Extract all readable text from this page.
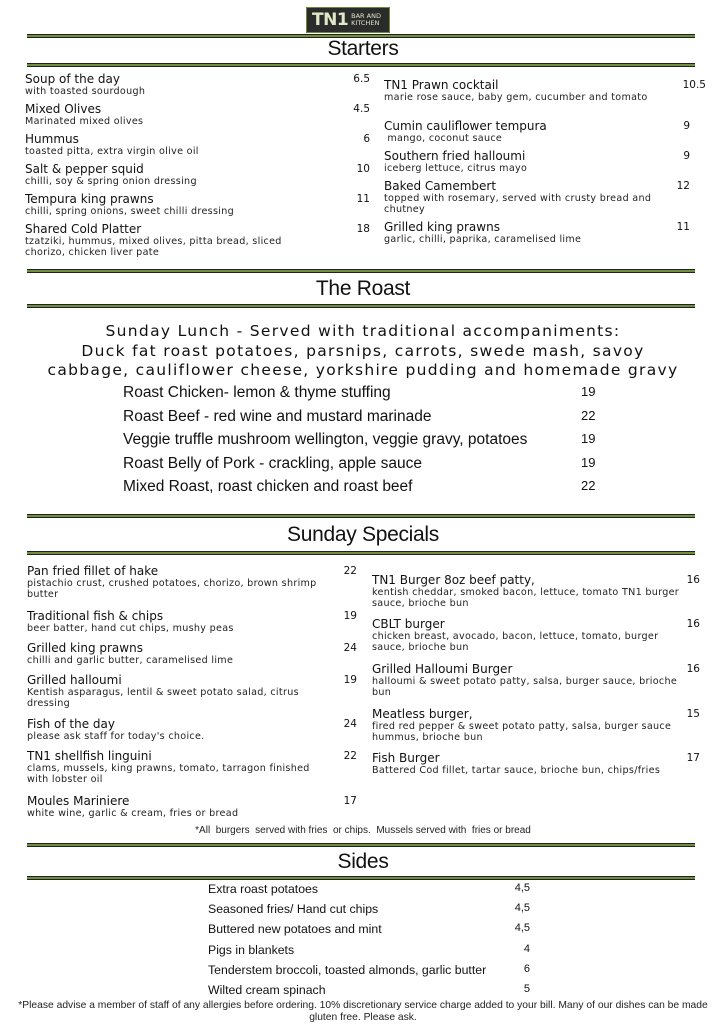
TN1 BAR AND
KITCHEN
Starters
Soup of the day
with toasted sourdough
6.5
Mixed Olives
Marinated mixed olives
4.5
Hummus
toasted pitta, extra virgin olive oil
6
Salt & pepper squid
chilli, soy & spring onion dressing
10
Tempura king prawns
chilli, spring onions, sweet chilli dressing
11
Shared Cold Platter
tzatziki, hummus, mixed olives, pitta bread, sliced chorizo, chicken liver pate
18
TN1 Prawn cocktail
marie rose sauce, baby gem, cucumber and tomato
10.5
Cumin cauliflower tempura
mango, coconut sauce
9
Southern fried halloumi
iceberg lettuce, citrus mayo
9
Baked Camembert
topped with rosemary, served with crusty bread and chutney
12
Grilled king prawns
garlic, chilli, paprika, caramelised lime
11
The Roast
Sunday Lunch - Served with traditional accompaniments:
Duck fat roast potatoes, parsnips, carrots, swede mash, savoy
cabbage, cauliflower cheese, yorkshire pudding and homemade gravy
Roast Chicken- lemon & thyme stuffing	19
Roast Beef - red wine and mustard marinade	22
Veggie truffle mushroom wellington, veggie gravy, potatoes	19
Roast Belly of Pork - crackling, apple sauce	19
Mixed Roast, roast chicken and roast beef	22
Sunday Specials
Pan fried fillet of hake
pistachio crust, crushed potatoes, chorizo, brown shrimp butter
22
Traditional fish & chips
beer batter, hand cut chips, mushy peas
19
Grilled king prawns
chilli and garlic butter, caramelised lime
24
Grilled halloumi
Kentish asparagus, lentil & sweet potato salad, citrus dressing
19
Fish of the day
please ask staff for today's choice.
24
TN1 shellfish linguini
clams, mussels, king prawns, tomato, tarragon finished with lobster oil
22
Moules Mariniere
white wine, garlic & cream, fries or bread
17
TN1 Burger 8oz beef patty,
kentish cheddar, smoked bacon, lettuce, tomato TN1 burger sauce, brioche bun
16
CBLT burger
chicken breast, avocado, bacon, lettuce, tomato, burger sauce, brioche bun
16
Grilled Halloumi Burger
halloumi & sweet potato patty, salsa, burger sauce, brioche bun
16
Meatless burger,
fired red pepper & sweet potato patty, salsa, burger sauce hummus, brioche bun
15
Fish Burger
Battered Cod fillet, tartar sauce, brioche bun, chips/fries
17
*All  burgers  served with fries  or chips.  Mussels served with  fries or bread
Sides
Extra roast potatoes	4,5
Seasoned fries/ Hand cut chips	4,5
Buttered new potatoes and mint	4,5
Pigs in blankets	4
Tenderstem broccoli, toasted almonds, garlic butter	6
Wilted cream spinach	5
*Please advise a member of staff of any allergies before ordering. 10% discretionary service charge added to your bill. Many of our dishes can be made gluten free. Please ask.
